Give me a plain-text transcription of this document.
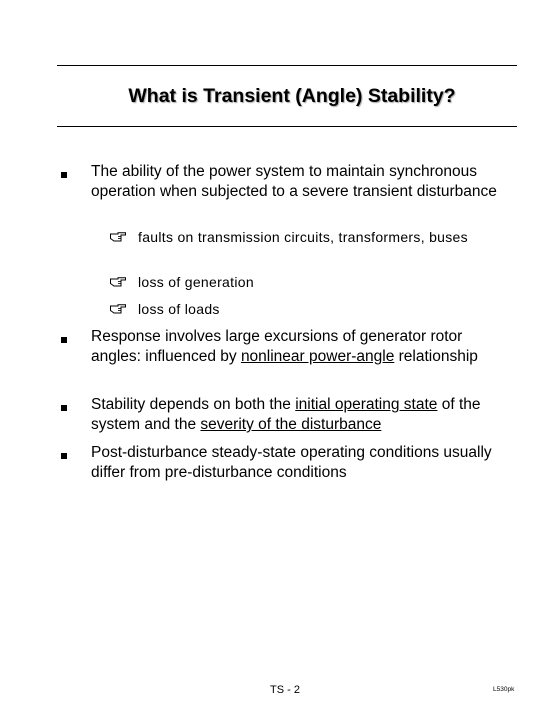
What is Transient (Angle) Stability?
The ability of the power system to maintain synchronous operation when subjected to a severe transient disturbance
faults on transmission circuits, transformers, buses
loss of generation
loss of loads
Response involves large excursions of generator rotor angles: influenced by nonlinear power-angle relationship
Stability depends on both the initial operating state of the system and the severity of the disturbance
Post-disturbance steady-state operating conditions usually differ from pre-disturbance conditions
TS - 2	L530pk
